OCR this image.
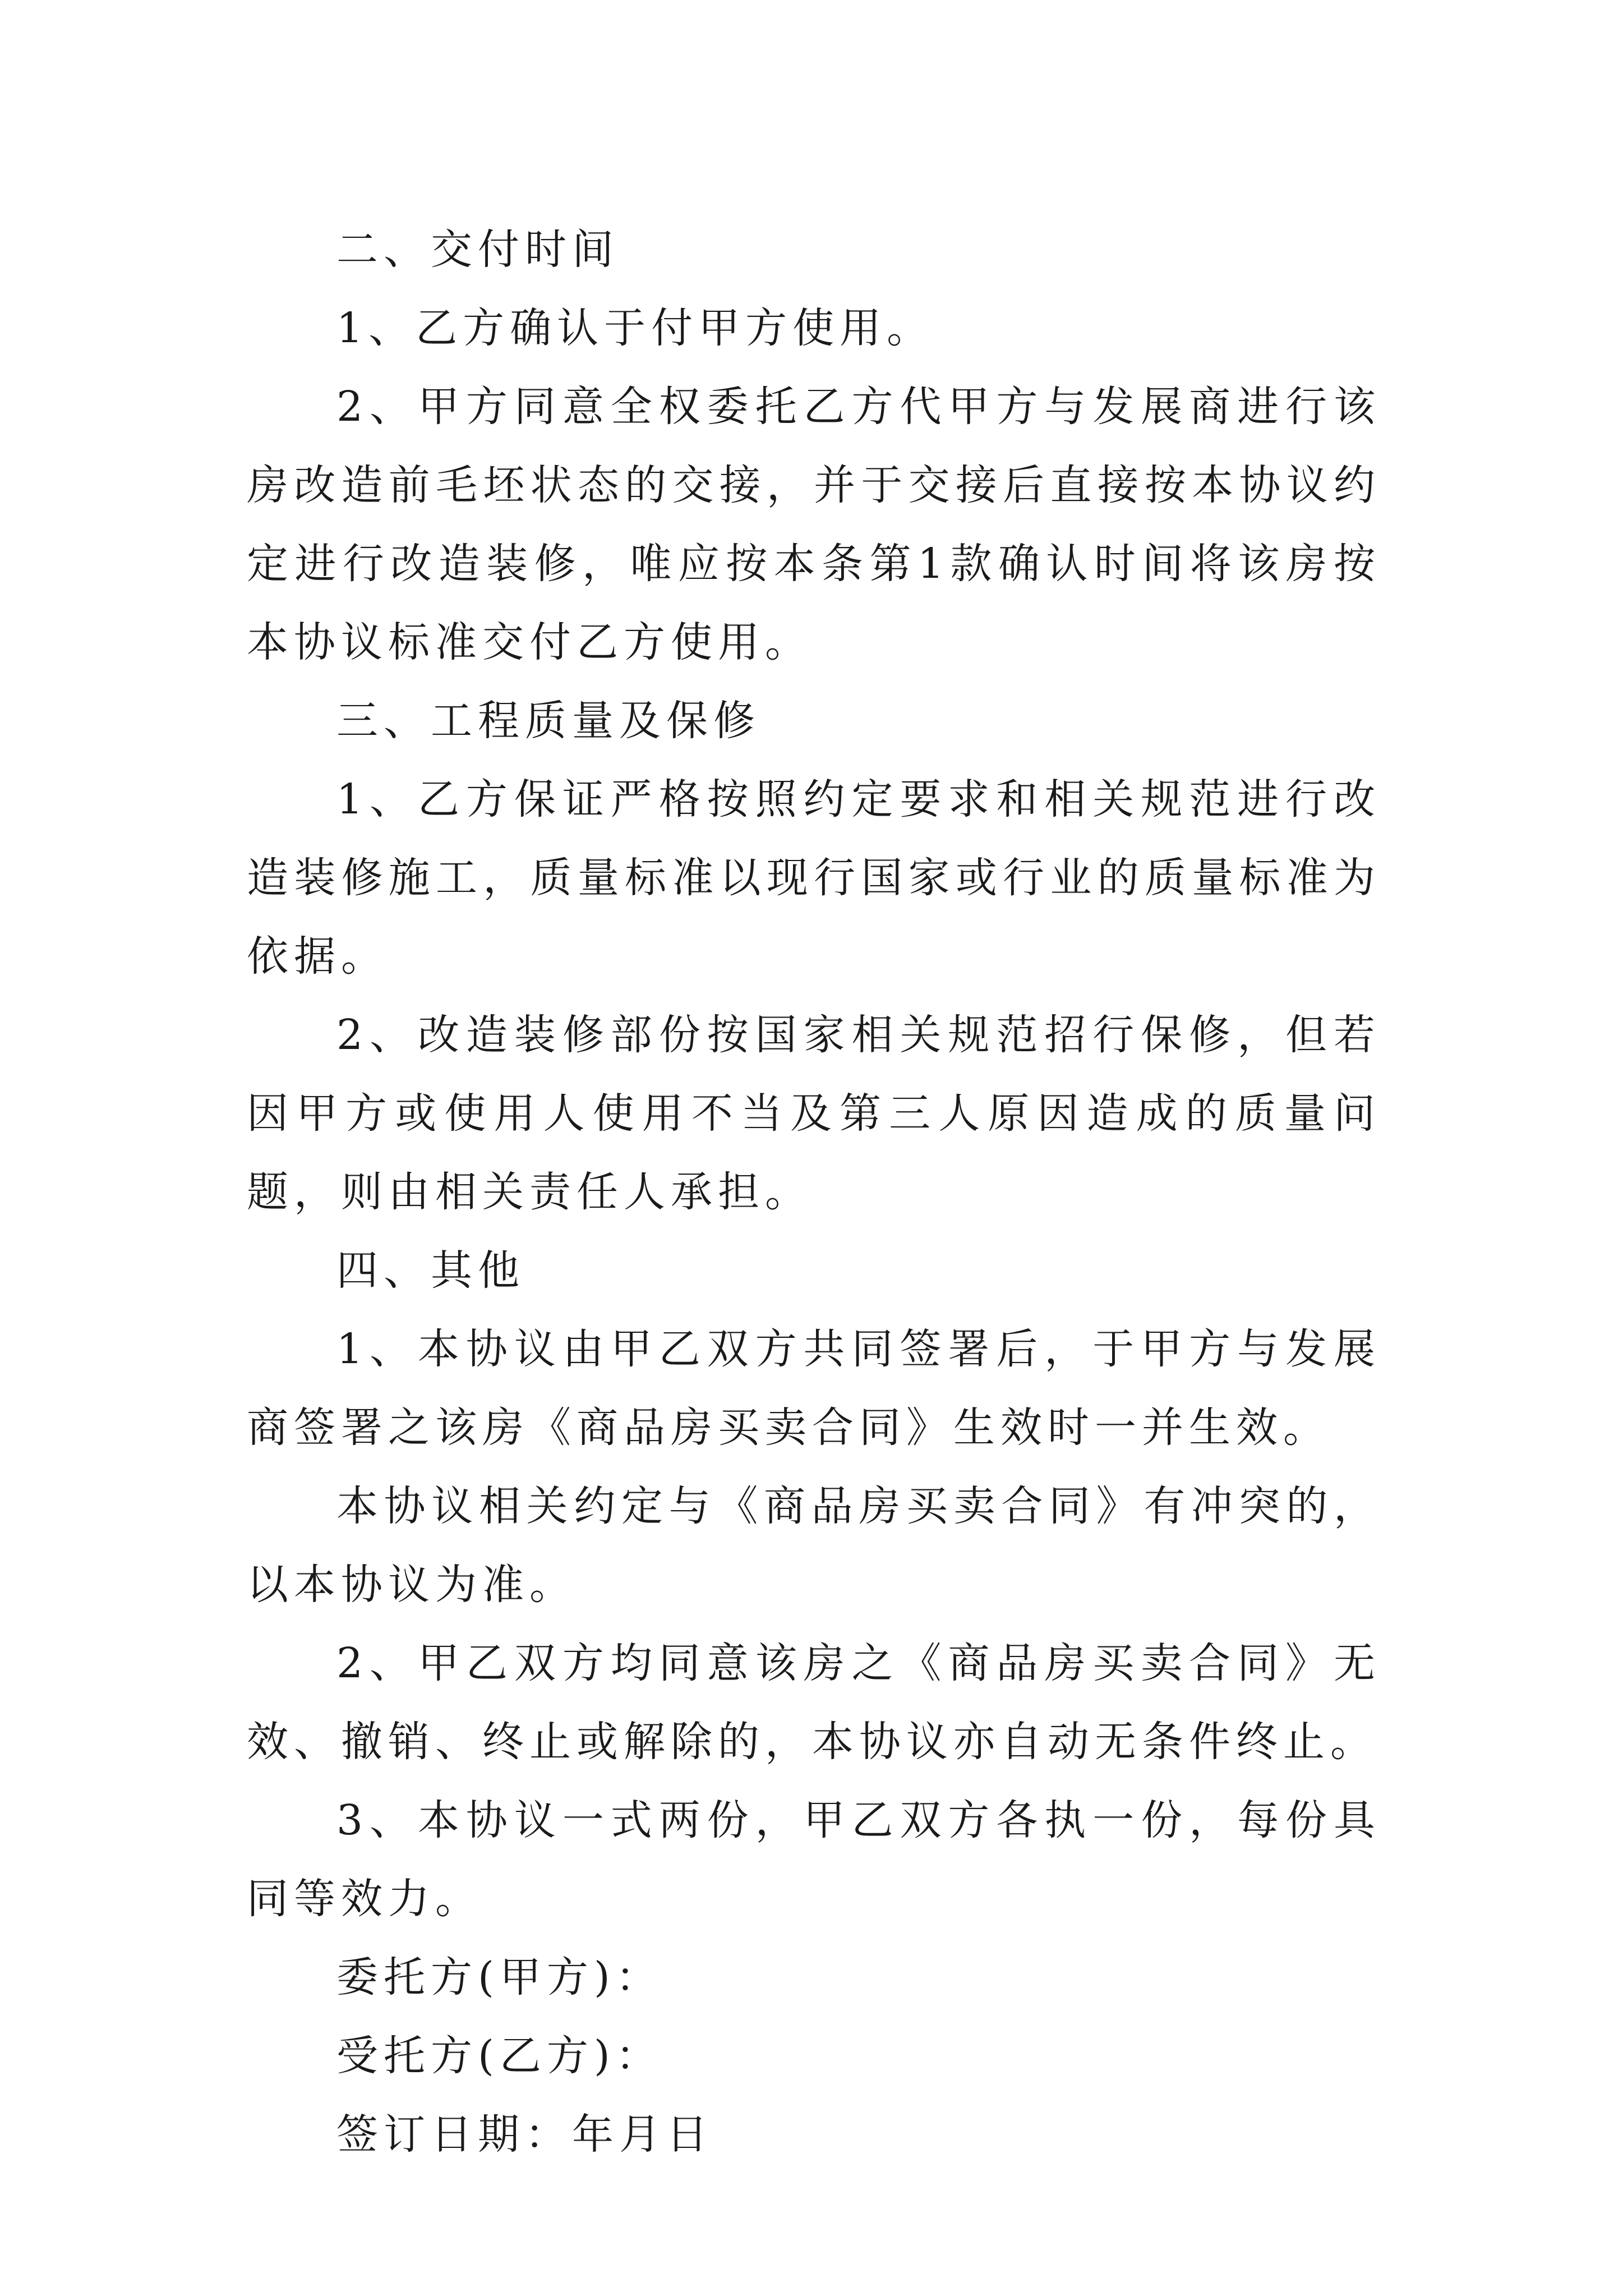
二、交付时间

1、乙方确认于付甲方使用。

2、甲方同意全权委托乙方代甲方与发展商进行该房改造前毛坯状态的交接，并于交接后直接按本协议约定进行改造装修，唯应按本条第1款确认时间将该房按本协议标准交付乙方使用。

三、工程质量及保修

1、乙方保证严格按照约定要求和相关规范进行改造装修施工，质量标准以现行国家或行业的质量标准为依据。

2、改造装修部份按国家相关规范招行保修，但若因甲方或使用人使用不当及第三人原因造成的质量问题，则由相关责任人承担。

四、其他

1、本协议由甲乙双方共同签署后，于甲方与发展商签署之该房《商品房买卖合同》生效时一并生效。

本协议相关约定与《商品房买卖合同》有冲突的，以本协议为准。

2、甲乙双方均同意该房之《商品房买卖合同》无效、撤销、终止或解除的，本协议亦自动无条件终止。

3、本协议一式两份，甲乙双方各执一份，每份具同等效力。

委托方(甲方)：

受托方(乙方)：

签订日期：年月日
